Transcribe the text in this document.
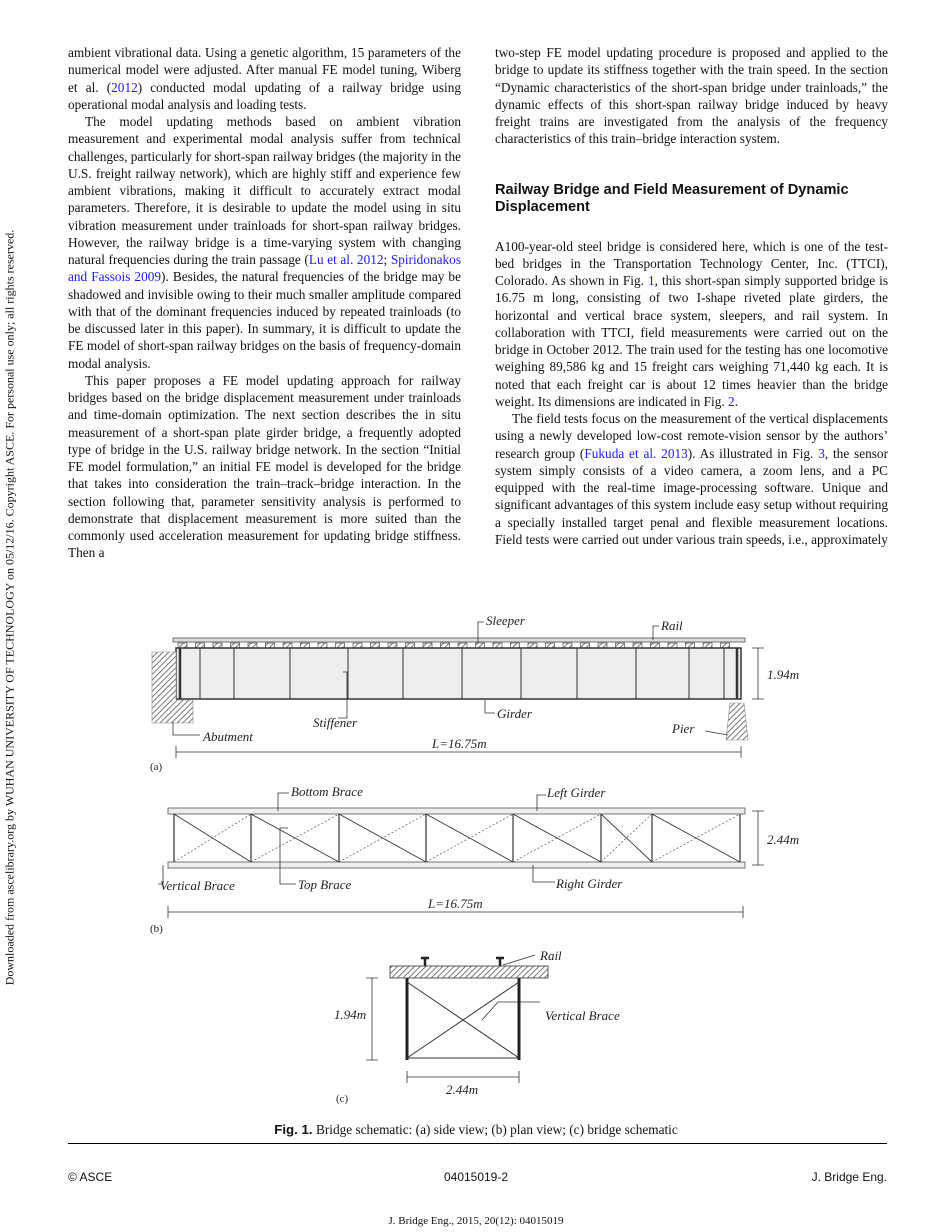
Downloaded from ascelibrary.org by WUHAN UNIVERSITY OF TECHNOLOGY on 05/12/16. Copyright ASCE. For personal use only; all rights reserved.

ambient vibrational data. Using a genetic algorithm, 15 parameters of the numerical model were adjusted. After manual FE model tuning, Wiberg et al. (2012) conducted modal updating of a railway bridge using operational modal analysis and loading tests.

The model updating methods based on ambient vibration measurement and experimental modal analysis suffer from technical challenges, particularly for short-span railway bridges (the majority in the U.S. freight railway network), which are highly stiff and experience few ambient vibrations, making it difficult to accurately extract modal parameters. Therefore, it is desirable to update the model using in situ vibration measurement under trainloads for short-span railway bridges. However, the railway bridge is a time-varying system with changing natural frequencies during the train passage (Lu et al. 2012; Spiridonakos and Fassois 2009). Besides, the natural frequencies of the bridge may be shadowed and invisible owing to their much smaller amplitude compared with that of the dominant frequencies induced by repeated trainloads (to be discussed later in this paper). In summary, it is difficult to update the FE model of short-span railway bridges on the basis of frequency-domain modal analysis.

This paper proposes a FE model updating approach for railway bridges based on the bridge displacement measurement under trainloads and time-domain optimization. The next section describes the in situ measurement of a short-span plate girder bridge, a frequently adopted type of bridge in the U.S. railway bridge network. In the section “Initial FE model formulation,” an initial FE model is developed for the bridge that takes into consideration the train–track–bridge interaction. In the section following that, parameter sensitivity analysis is performed to demonstrate that displacement measurement is more suited than the commonly used acceleration measurement for updating bridge stiffness. Then a

two-step FE model updating procedure is proposed and applied to the bridge to update its stiffness together with the train speed. In the section “Dynamic characteristics of the short-span bridge under trainloads,” the dynamic effects of this short-span railway bridge induced by heavy freight trains are investigated from the analysis of the frequency characteristics of this train–bridge interaction system.

Railway Bridge and Field Measurement of Dynamic Displacement

A100-year-old steel bridge is considered here, which is one of the test-bed bridges in the Transportation Technology Center, Inc. (TTCI), Colorado. As shown in Fig. 1, this short-span simply supported bridge is 16.75 m long, consisting of two I-shape riveted plate girders, the horizontal and vertical brace system, sleepers, and rail system. In collaboration with TTCI, field measurements were carried out on the bridge in October 2012. The train used for the testing has one locomotive weighing 89,586 kg and 15 freight cars weighing 71,440 kg each. It is noted that each freight car is about 12 times heavier than the bridge weight. Its dimensions are indicated in Fig. 2.

The field tests focus on the measurement of the vertical displacements using a newly developed low-cost remote-vision sensor by the authors’ research group (Fukuda et al. 2013). As illustrated in Fig. 3, the sensor system simply consists of a video camera, a zoom lens, and a PC equipped with the real-time image-processing software. Unique and significant advantages of this system include easy setup without requiring a specially installed target penal and flexible measurement locations. Field tests were carried out under various train speeds, i.e., approximately

Sleeper	Rail
1.94m
Stiffener
Girder
Abutment
Pier
L=16.75m
(a)
Bottom Brace	Left Girder
2.44m
Vertical Brace	Top Brace	Right Girder
L=16.75m
(b)
Rail
Vertical Brace
1.94m
2.44m
(c)
Fig. 1. Bridge schematic: (a) side view; (b) plan view; (c) bridge schematic
© ASCE	04015019-2	J. Bridge Eng.
J. Bridge Eng., 2015, 20(12): 04015019
